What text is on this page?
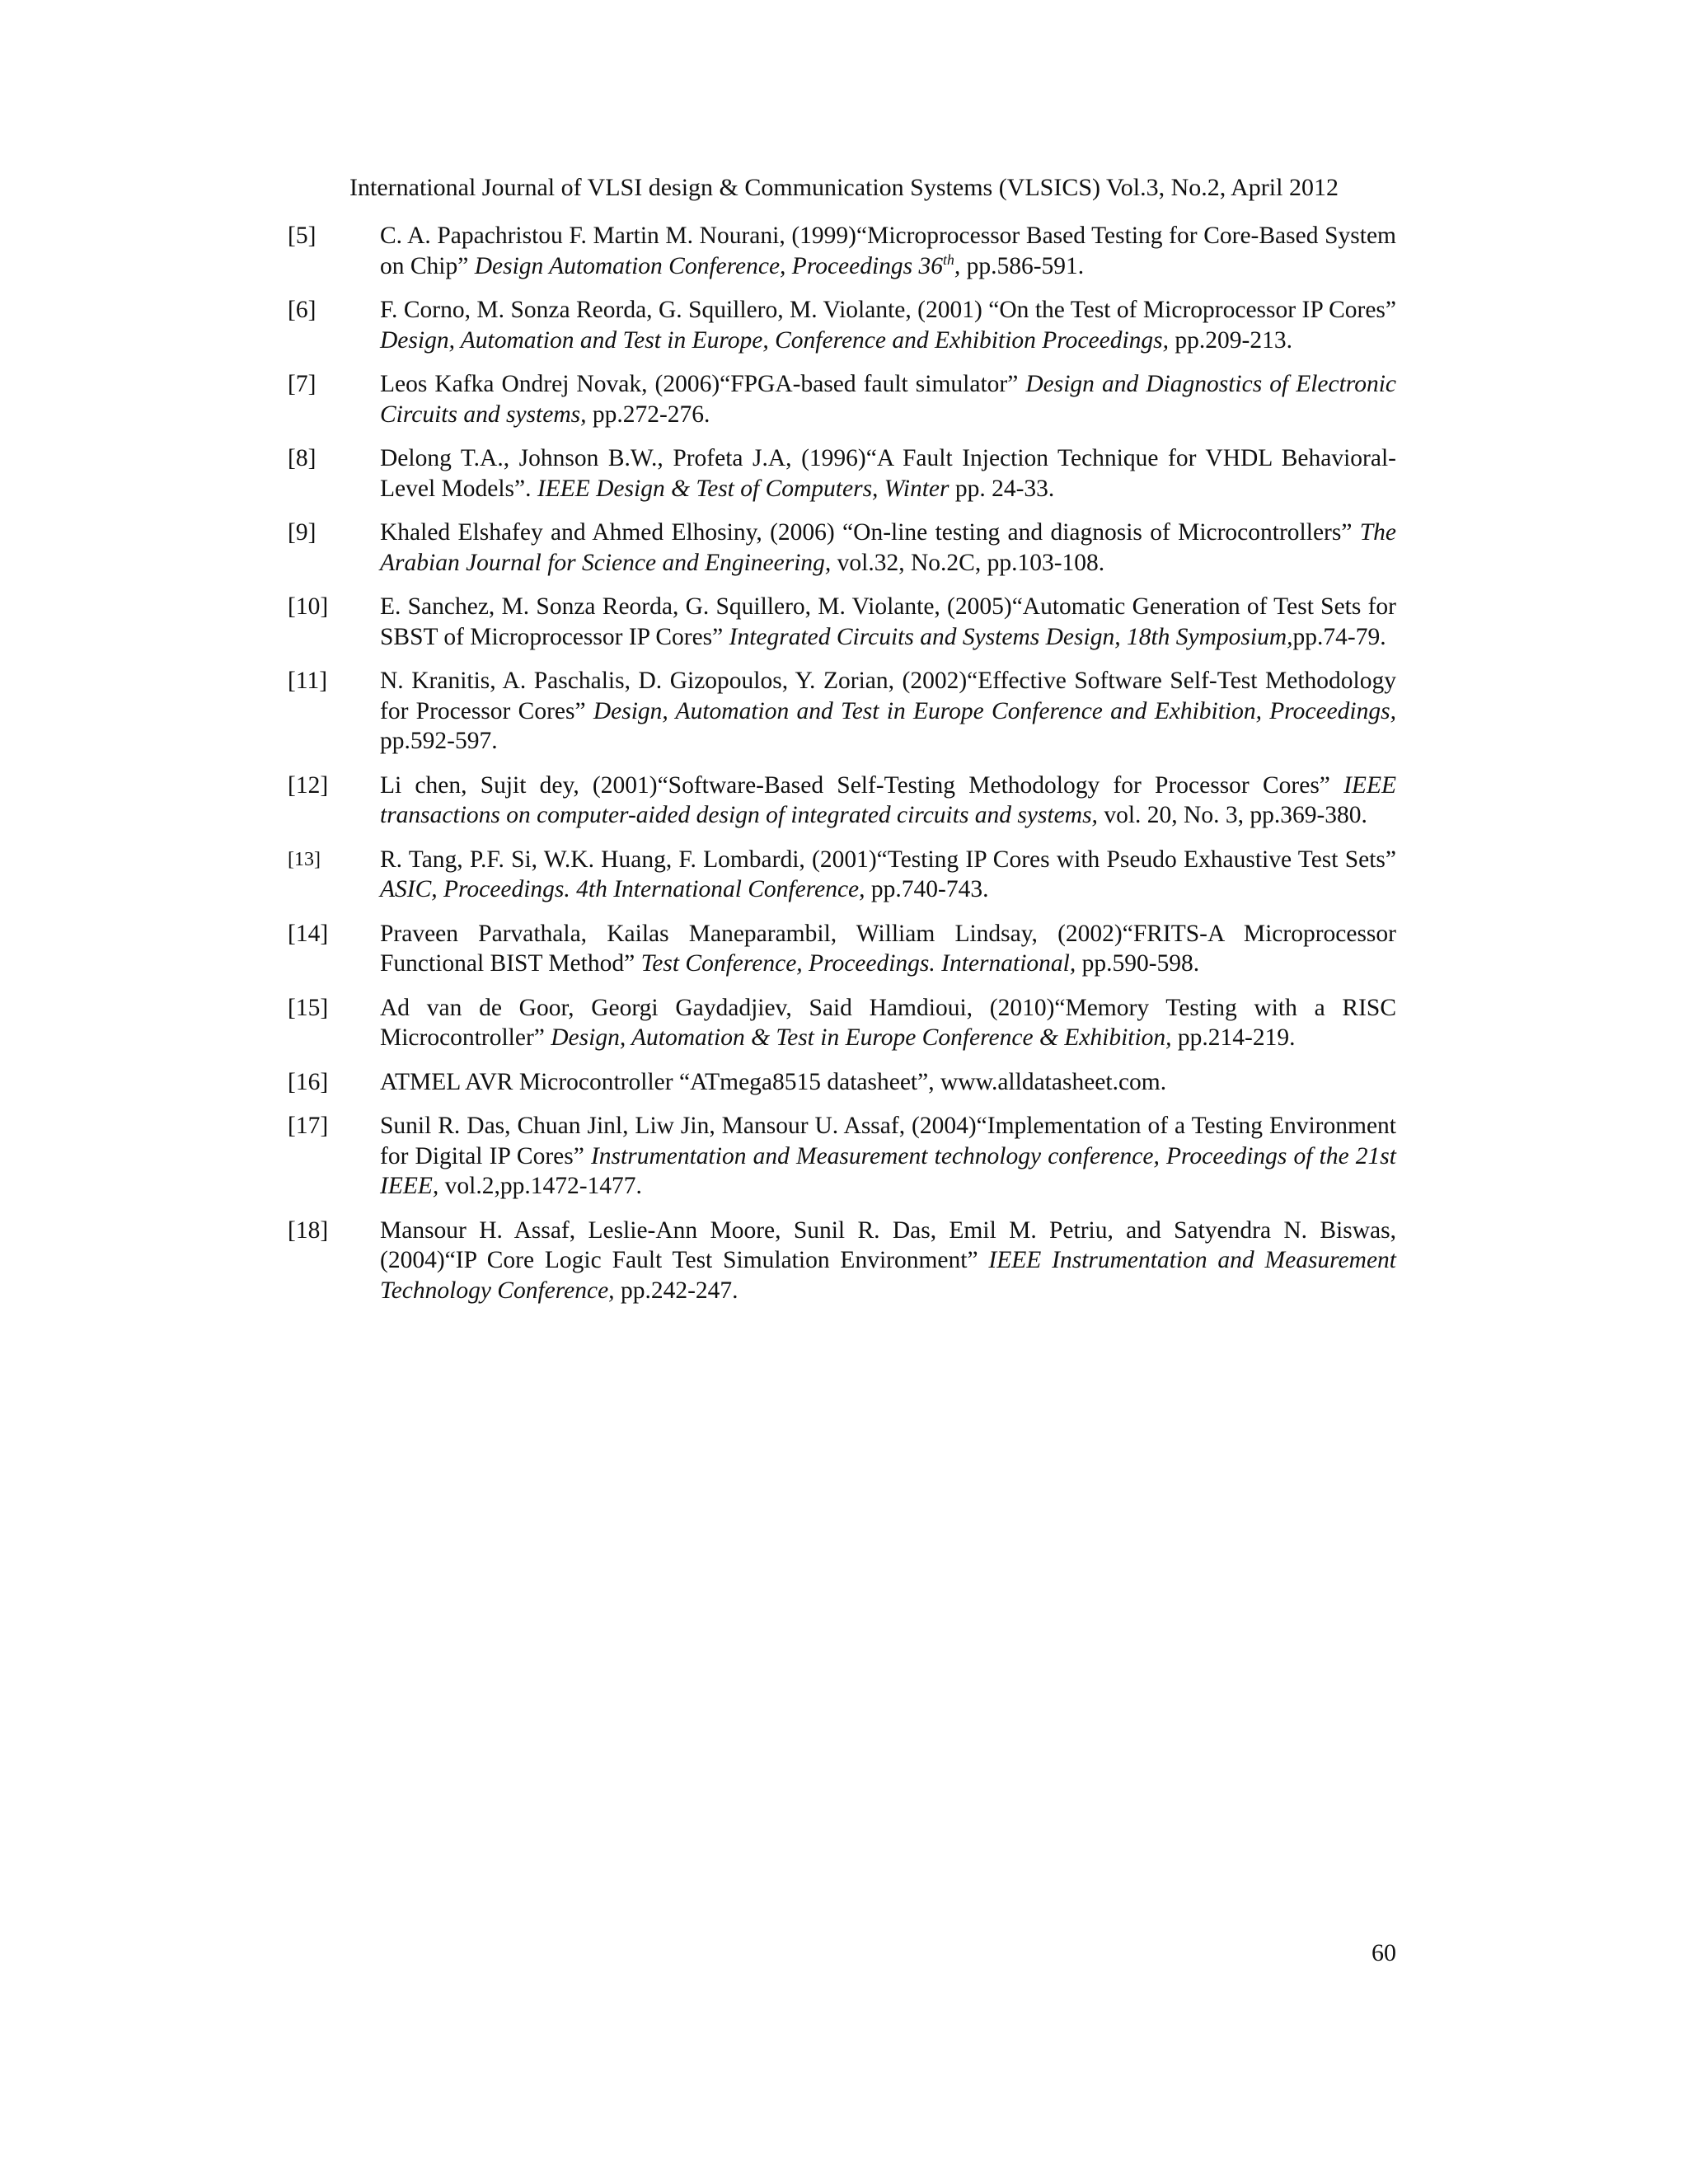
International Journal of VLSI design & Communication Systems (VLSICS) Vol.3, No.2, April 2012
[5]	C. A. Papachristou F. Martin M. Nourani, (1999)“Microprocessor Based Testing for Core-Based System on Chip” Design Automation Conference, Proceedings 36th, pp.586-591.
[6]	F. Corno, M. Sonza Reorda, G. Squillero, M. Violante, (2001) “On the Test of Microprocessor IP Cores” Design, Automation and Test in Europe, Conference and Exhibition Proceedings, pp.209-213.
[7]	Leos Kafka Ondrej Novak, (2006)“FPGA-based fault simulator” Design and Diagnostics of Electronic Circuits and systems, pp.272-276.
[8]	Delong T.A., Johnson B.W., Profeta J.A, (1996)“A Fault Injection Technique for VHDL Behavioral-Level Models”. IEEE Design & Test of Computers, Winter pp. 24-33.
[9]	Khaled Elshafey and Ahmed Elhosiny, (2006) “On-line testing and diagnosis of Microcontrollers” The Arabian Journal for Science and Engineering, vol.32, No.2C, pp.103-108.
[10]	E. Sanchez, M. Sonza Reorda, G. Squillero, M. Violante, (2005)“Automatic Generation of Test Sets for SBST of Microprocessor IP Cores” Integrated Circuits and Systems Design, 18th Symposium,pp.74-79.
[11]	N. Kranitis, A. Paschalis, D. Gizopoulos, Y. Zorian, (2002)“Effective Software Self-Test Methodology for Processor Cores” Design, Automation and Test in Europe Conference and Exhibition, Proceedings, pp.592-597.
[12]	Li chen, Sujit dey, (2001)“Software-Based Self-Testing Methodology for Processor Cores” IEEE transactions on computer-aided design of integrated circuits and systems, vol. 20, No. 3, pp.369-380.
[13]	R. Tang, P.F. Si, W.K. Huang, F. Lombardi, (2001)“Testing IP Cores with Pseudo Exhaustive Test Sets” ASIC, Proceedings. 4th International Conference, pp.740-743.
[14]	Praveen Parvathala, Kailas Maneparambil, William Lindsay, (2002)“FRITS-A Microprocessor Functional BIST Method” Test Conference, Proceedings. International, pp.590-598.
[15]	Ad van de Goor, Georgi Gaydadjiev, Said Hamdioui, (2010)“Memory Testing with a RISC Microcontroller” Design, Automation & Test in Europe Conference & Exhibition, pp.214-219.
[16]	ATMEL AVR Microcontroller “ATmega8515 datasheet”, www.alldatasheet.com.
[17]	Sunil R. Das, Chuan Jinl, Liw Jin, Mansour U. Assaf, (2004)“Implementation of a Testing Environment for Digital IP Cores” Instrumentation and Measurement technology conference, Proceedings of the 21st IEEE, vol.2,pp.1472-1477.
[18]	Mansour H. Assaf, Leslie-Ann Moore, Sunil R. Das, Emil M. Petriu, and Satyendra N. Biswas, (2004)“IP Core Logic Fault Test Simulation Environment” IEEE Instrumentation and Measurement Technology Conference, pp.242-247.
60
